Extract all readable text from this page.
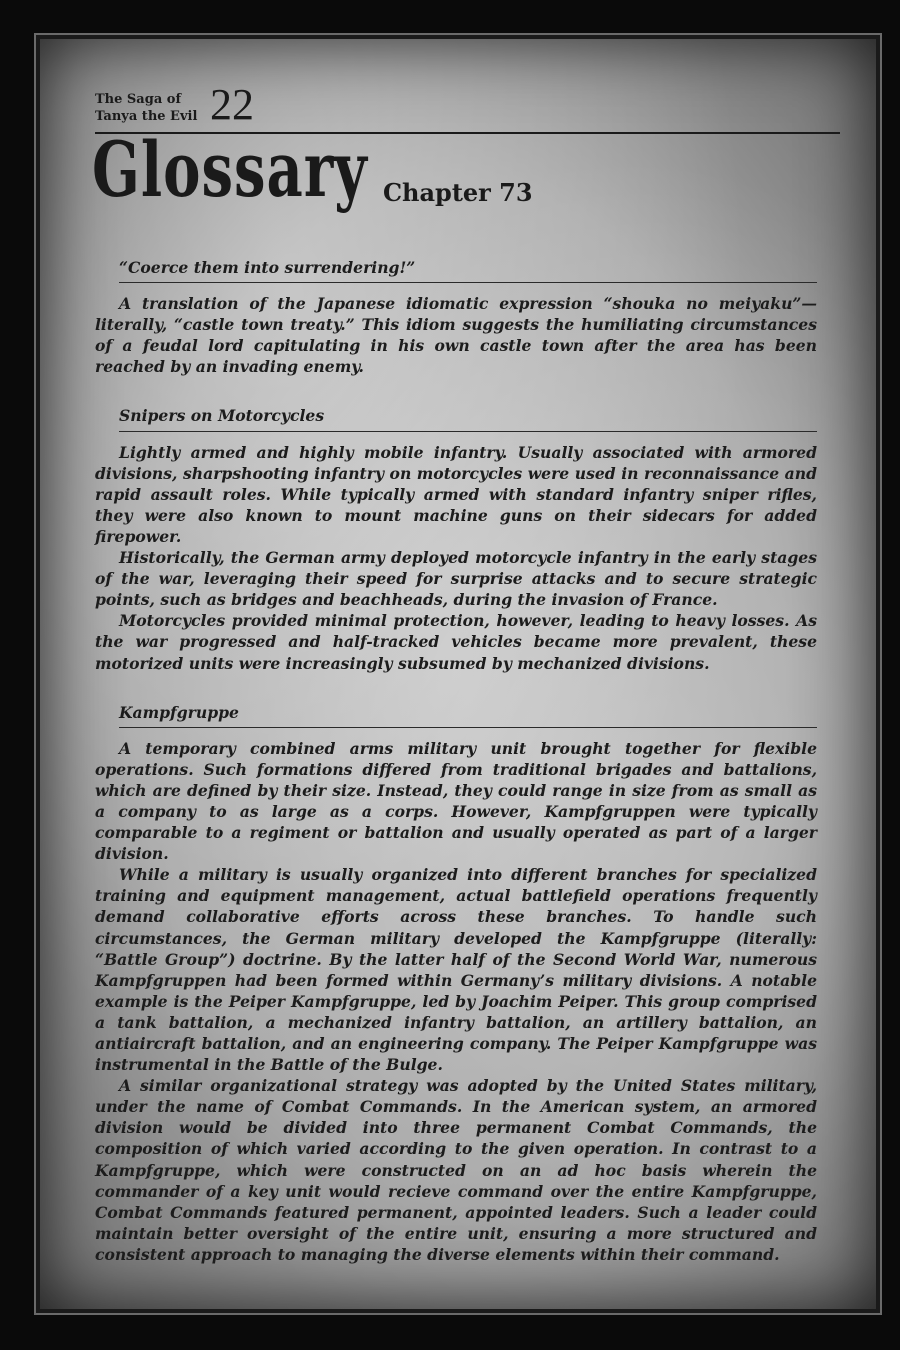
The Saga of
Tanya the Evil 22
Glossary Chapter 73
“Coerce them into surrendering!”

A translation of the Japanese idiomatic expression “shouka no meiyaku”—literally, “castle town treaty.” This idiom suggests the humiliating circumstances of a feudal lord capitulating in his own castle town after the area has been reached by an invading enemy.

Snipers on Motorcycles

Lightly armed and highly mobile infantry. Usually associated with armored divisions, sharpshooting infantry on motorcycles were used in reconnaissance and rapid assault roles. While typically armed with standard infantry sniper rifles, they were also known to mount machine guns on their sidecars for added firepower.

Historically, the German army deployed motorcycle infantry in the early stages of the war, leveraging their speed for surprise attacks and to secure strategic points, such as bridges and beachheads, during the invasion of France.

Motorcycles provided minimal protection, however, leading to heavy losses. As the war progressed and half-tracked vehicles became more prevalent, these motorized units were increasingly subsumed by mechanized divisions.

Kampfgruppe

A temporary combined arms military unit brought together for flexible operations. Such formations differed from traditional brigades and battalions, which are defined by their size. Instead, they could range in size from as small as a company to as large as a corps. However, Kampfgruppen were typically comparable to a regiment or battalion and usually operated as part of a larger division.

While a military is usually organized into different branches for specialized training and equipment management, actual battlefield operations frequently demand collaborative efforts across these branches. To handle such circumstances, the German military developed the Kampfgruppe (literally: “Battle Group”) doctrine. By the latter half of the Second World War, numerous Kampfgruppen had been formed within Germany’s military divisions. A notable example is the Peiper Kampfgruppe, led by Joachim Peiper. This group comprised a tank battalion, a mechanized infantry battalion, an artillery battalion, an antiaircraft battalion, and an engineering company. The Peiper Kampfgruppe was instrumental in the Battle of the Bulge.

A similar organizational strategy was adopted by the United States military, under the name of Combat Commands. In the American system, an armored division would be divided into three permanent Combat Commands, the composition of which varied according to the given operation. In contrast to a Kampfgruppe, which were constructed on an ad hoc basis wherein the commander of a key unit would recieve command over the entire Kampfgruppe, Combat Commands featured permanent, appointed leaders. Such a leader could maintain better oversight of the entire unit, ensuring a more structured and consistent approach to managing the diverse elements within their command.
